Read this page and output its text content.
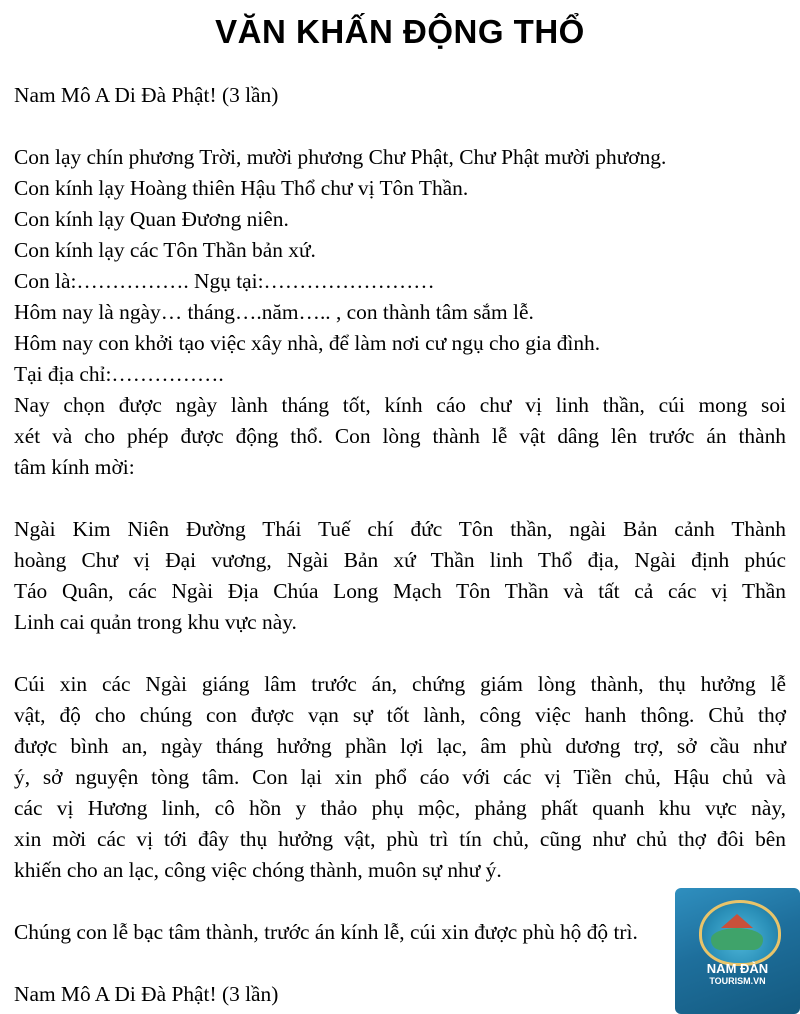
VĂN KHẤN ĐỘNG THỔ
Nam Mô A Di Đà Phật! (3 lần)
Con lạy chín phương Trời, mười phương Chư Phật, Chư Phật mười phương.
Con kính lạy Hoàng thiên Hậu Thổ chư vị Tôn Thần.
Con kính lạy Quan Đương niên.
Con kính lạy các Tôn Thần bản xứ.
Con là:……………. Ngụ tại:……………………
Hôm nay là ngày… tháng….năm….. , con thành tâm sắm lễ.
Hôm nay con khởi tạo việc xây nhà, để làm nơi cư ngụ cho gia đình.
Tại địa chỉ:…………….
Nay chọn được ngày lành tháng tốt, kính cáo chư vị linh thần, cúi mong soi
xét và cho phép được động thổ. Con lòng thành lễ vật dâng lên trước án thành
tâm kính mời:
Ngài Kim Niên Đường Thái Tuế chí đức Tôn thần, ngài Bản cảnh Thành
hoàng Chư vị Đại vương, Ngài Bản xứ Thần linh Thổ địa, Ngài định phúc
Táo Quân, các Ngài Địa Chúa Long Mạch Tôn Thần và tất cả các vị Thần
Linh cai quản trong khu vực này.
Cúi xin các Ngài giáng lâm trước án, chứng giám lòng thành, thụ hưởng lễ
vật, độ cho chúng con được vạn sự tốt lành, công việc hanh thông. Chủ thợ
được bình an, ngày tháng hưởng phần lợi lạc, âm phù dương trợ, sở cầu như
ý, sở nguyện tòng tâm. Con lại xin phổ cáo với các vị Tiền chủ, Hậu chủ và
các vị Hương linh, cô hồn y thảo phụ mộc, phảng phất quanh khu vực này,
xin mời các vị tới đây thụ hưởng vật, phù trì tín chủ, cũng như chủ thợ đôi bên
khiến cho an lạc, công việc chóng thành, muôn sự như ý.
Chúng con lễ bạc tâm thành, trước án kính lễ, cúi xin được phù hộ độ trì.
Nam Mô A Di Đà Phật! (3 lần)
NAM ĐÀN
TOURISM.VN
